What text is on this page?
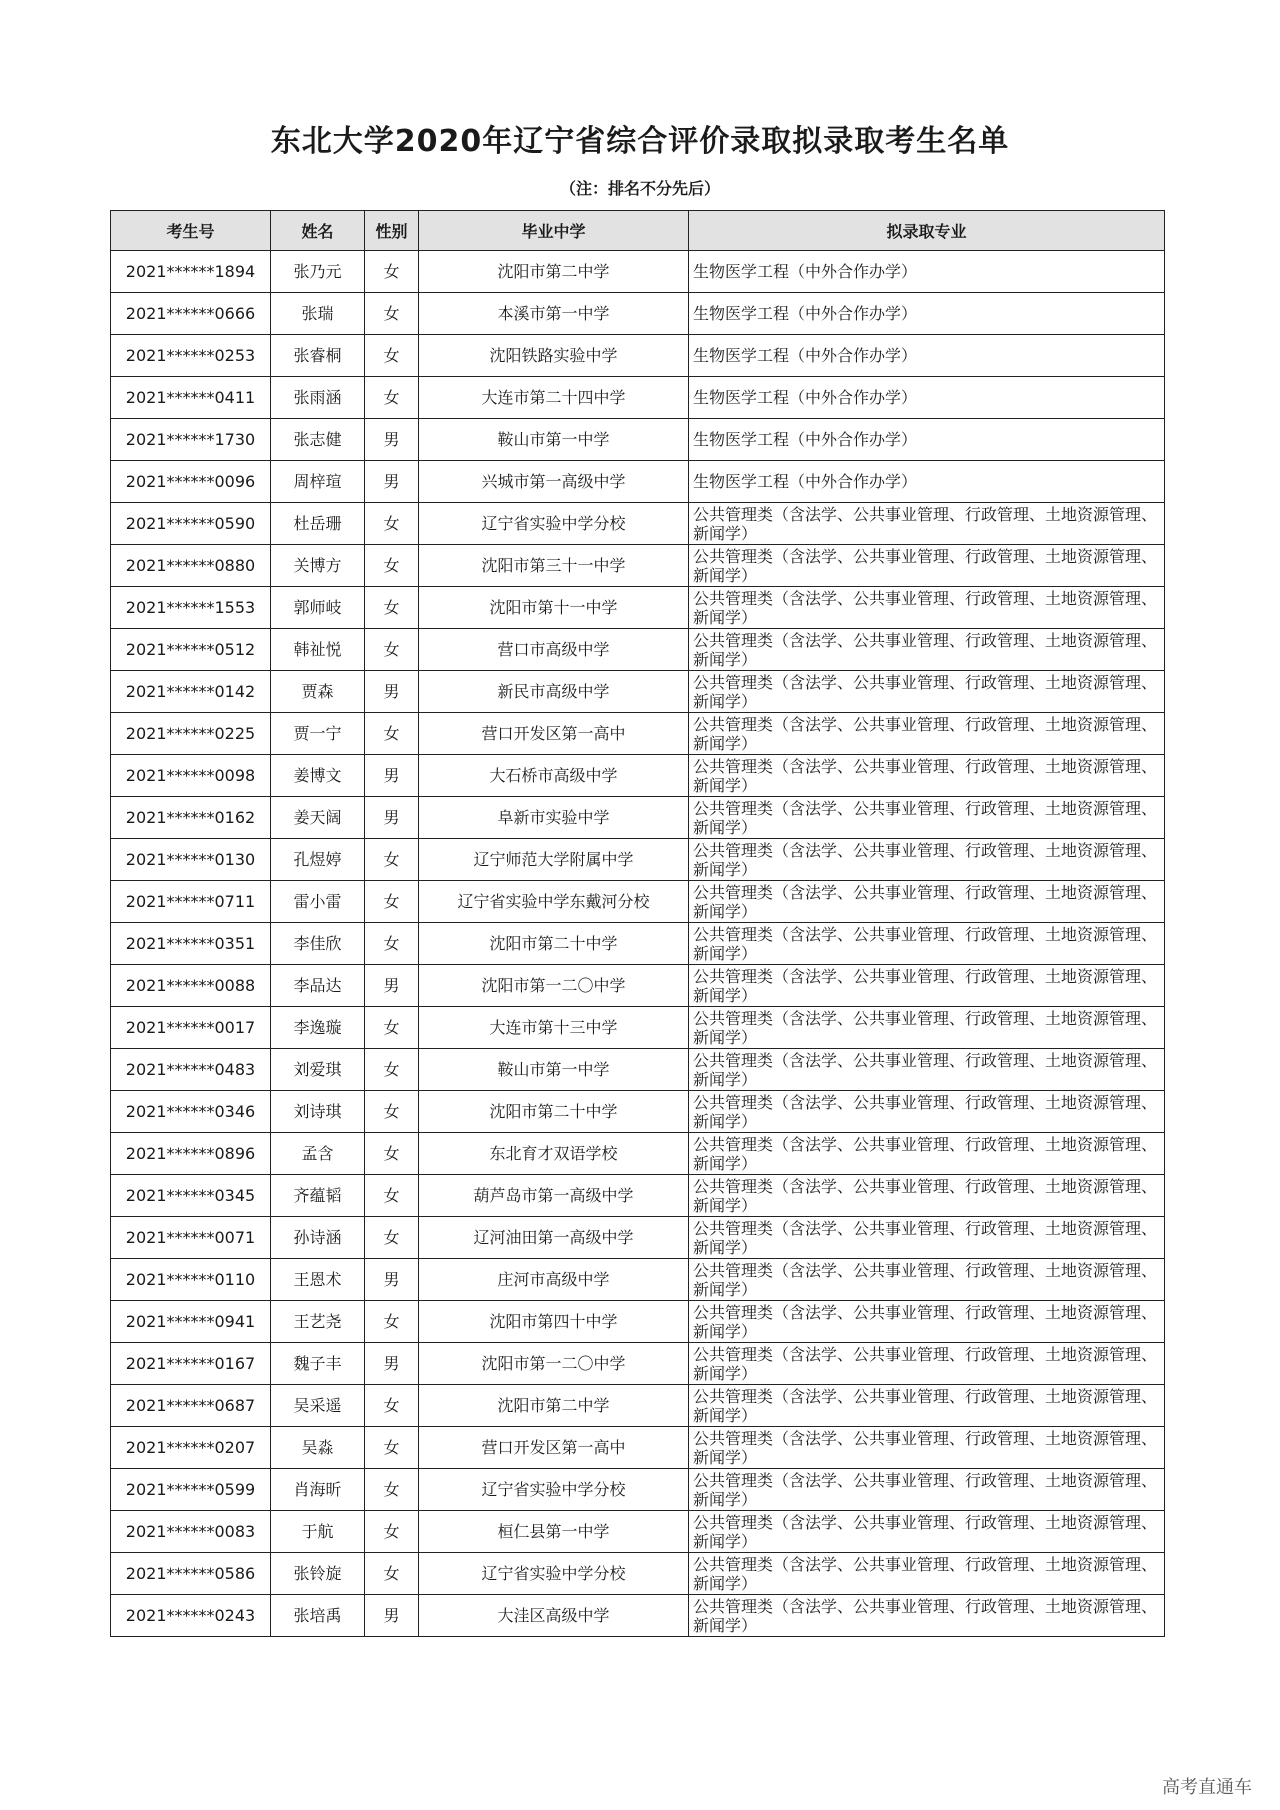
东北大学2020年辽宁省综合评价录取拟录取考生名单
（注：排名不分先后）
考生号	姓名	性别	毕业中学	拟录取专业
2021******1894	张乃元	女	沈阳市第二中学	生物医学工程（中外合作办学）
2021******0666	张瑞	女	本溪市第一中学	生物医学工程（中外合作办学）
2021******0253	张睿桐	女	沈阳铁路实验中学	生物医学工程（中外合作办学）
2021******0411	张雨涵	女	大连市第二十四中学	生物医学工程（中外合作办学）
2021******1730	张志健	男	鞍山市第一中学	生物医学工程（中外合作办学）
2021******0096	周梓瑄	男	兴城市第一高级中学	生物医学工程（中外合作办学）
2021******0590	杜岳珊	女	辽宁省实验中学分校	公共管理类（含法学、公共事业管理、行政管理、土地资源管理、新闻学）
2021******0880	关博方	女	沈阳市第三十一中学	公共管理类（含法学、公共事业管理、行政管理、土地资源管理、新闻学）
2021******1553	郭师岐	女	沈阳市第十一中学	公共管理类（含法学、公共事业管理、行政管理、土地资源管理、新闻学）
2021******0512	韩祉悦	女	营口市高级中学	公共管理类（含法学、公共事业管理、行政管理、土地资源管理、新闻学）
2021******0142	贾森	男	新民市高级中学	公共管理类（含法学、公共事业管理、行政管理、土地资源管理、新闻学）
2021******0225	贾一宁	女	营口开发区第一高中	公共管理类（含法学、公共事业管理、行政管理、土地资源管理、新闻学）
2021******0098	姜博文	男	大石桥市高级中学	公共管理类（含法学、公共事业管理、行政管理、土地资源管理、新闻学）
2021******0162	姜天阔	男	阜新市实验中学	公共管理类（含法学、公共事业管理、行政管理、土地资源管理、新闻学）
2021******0130	孔煜婷	女	辽宁师范大学附属中学	公共管理类（含法学、公共事业管理、行政管理、土地资源管理、新闻学）
2021******0711	雷小雷	女	辽宁省实验中学东戴河分校	公共管理类（含法学、公共事业管理、行政管理、土地资源管理、新闻学）
2021******0351	李佳欣	女	沈阳市第二十中学	公共管理类（含法学、公共事业管理、行政管理、土地资源管理、新闻学）
2021******0088	李品达	男	沈阳市第一二〇中学	公共管理类（含法学、公共事业管理、行政管理、土地资源管理、新闻学）
2021******0017	李逸璇	女	大连市第十三中学	公共管理类（含法学、公共事业管理、行政管理、土地资源管理、新闻学）
2021******0483	刘爱琪	女	鞍山市第一中学	公共管理类（含法学、公共事业管理、行政管理、土地资源管理、新闻学）
2021******0346	刘诗琪	女	沈阳市第二十中学	公共管理类（含法学、公共事业管理、行政管理、土地资源管理、新闻学）
2021******0896	孟含	女	东北育才双语学校	公共管理类（含法学、公共事业管理、行政管理、土地资源管理、新闻学）
2021******0345	齐蕴韬	女	葫芦岛市第一高级中学	公共管理类（含法学、公共事业管理、行政管理、土地资源管理、新闻学）
2021******0071	孙诗涵	女	辽河油田第一高级中学	公共管理类（含法学、公共事业管理、行政管理、土地资源管理、新闻学）
2021******0110	王恩术	男	庄河市高级中学	公共管理类（含法学、公共事业管理、行政管理、土地资源管理、新闻学）
2021******0941	王艺尧	女	沈阳市第四十中学	公共管理类（含法学、公共事业管理、行政管理、土地资源管理、新闻学）
2021******0167	魏子丰	男	沈阳市第一二〇中学	公共管理类（含法学、公共事业管理、行政管理、土地资源管理、新闻学）
2021******0687	吴采遥	女	沈阳市第二中学	公共管理类（含法学、公共事业管理、行政管理、土地资源管理、新闻学）
2021******0207	吴淼	女	营口开发区第一高中	公共管理类（含法学、公共事业管理、行政管理、土地资源管理、新闻学）
2021******0599	肖海昕	女	辽宁省实验中学分校	公共管理类（含法学、公共事业管理、行政管理、土地资源管理、新闻学）
2021******0083	于航	女	桓仁县第一中学	公共管理类（含法学、公共事业管理、行政管理、土地资源管理、新闻学）
2021******0586	张铃旋	女	辽宁省实验中学分校	公共管理类（含法学、公共事业管理、行政管理、土地资源管理、新闻学）
2021******0243	张培禹	男	大洼区高级中学	公共管理类（含法学、公共事业管理、行政管理、土地资源管理、新闻学）
高考直通车
